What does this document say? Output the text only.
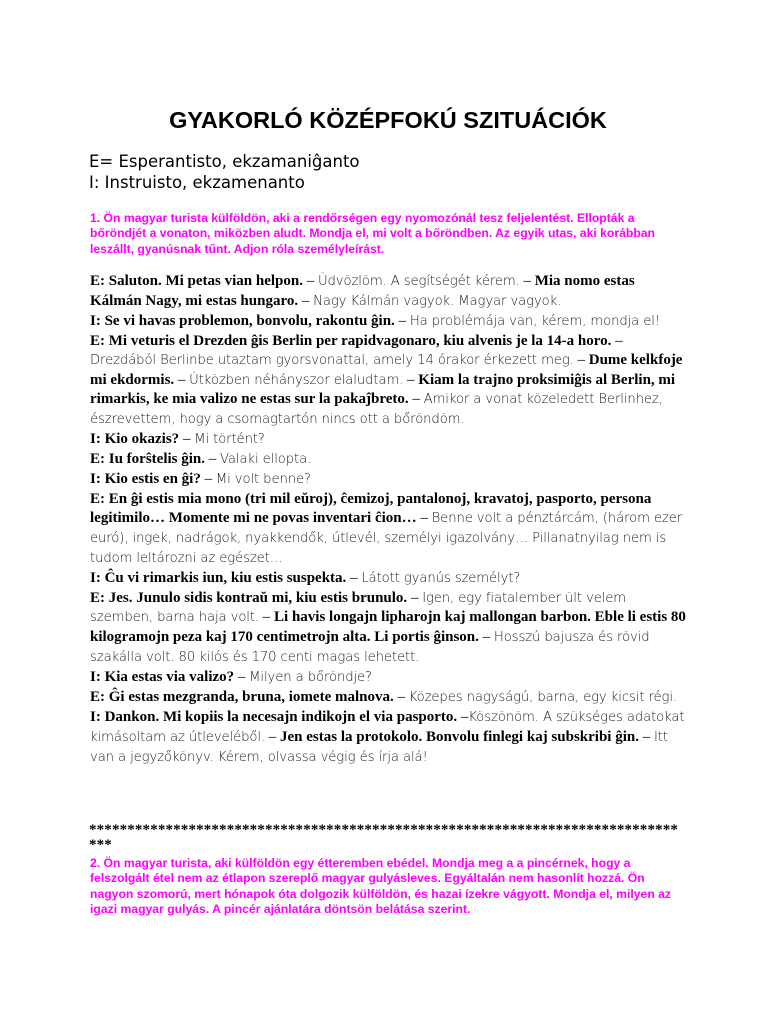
GYAKORLÓ KÖZÉPFOKÚ SZITUÁCIÓK
E= Esperantisto, ekzamaniĝanto
I: Instruisto, ekzamenanto

1. Ön magyar turista külföldön, aki a rendőrségen egy nyomozónál tesz feljelentést. Ellopták a bőröndjét a vonaton, miközben aludt. Mondja el, mi volt a bőröndben. Az egyik utas, aki korábban leszállt, gyanúsnak tűnt. Adjon róla személyleírást.

E: Saluton. Mi petas vian helpon. – Üdvözlöm. A segítségét kérem. – Mia nomo estas Kálmán Nagy, mi estas hungaro. – Nagy Kálmán vagyok. Magyar vagyok.

I: Se vi havas problemon, bonvolu, rakontu ĝin. – Ha problémája van, kérem, mondja el!

E: Mi veturis el Drezden ĝis Berlin per rapidvagonaro, kiu alvenis je la 14-a horo. – Drezdából Berlinbe utaztam gyorsvonattal, amely 14 órakor érkezett meg. – Dume kelkfoje mi ekdormis. – Útközben néhányszor elaludtam. – Kiam la trajno proksimiĝis al Berlin, mi rimarkis, ke mia valizo ne estas sur la pakaĵbreto. – Amikor a vonat közeledett Berlinhez, észrevettem, hogy a csomagtartón nincs ott a bőröndöm.

I: Kio okazis? – Mi történt?

E: Iu forŝtelis ĝin. – Valaki ellopta.

I: Kio estis en ĝi? – Mi volt benne?

E: En ĝi estis mia mono (tri mil eŭroj), ĉemizoj, pantalonoj, kravatoj, pasporto, persona legitimilo… Momente mi ne povas inventari ĉion… – Benne volt a pénztárcám, (három ezer euró), ingek, nadrágok, nyakkendők, útlevél, személyi igazolvány… Pillanatnyilag nem is tudom leltározni az egészet…

I: Ĉu vi rimarkis iun, kiu estis suspekta. – Látott gyanús személyt?

E: Jes. Junulo sidis kontraŭ mi, kiu estis brunulo. – Igen, egy fiatalember ült velem szemben, barna haja volt. – Li havis longajn lipharojn kaj mallongan barbon. Eble li estis 80 kilogramojn peza kaj 170 centimetrojn alta. Li portis ĝinson. – Hosszú bajusza és rövid szakálla volt. 80 kilós és 170 centi magas lehetett.

I: Kia estas via valizo? – Milyen a bőröndje?

E: Ĝi estas mezgranda, bruna, iomete malnova. – Közepes nagyságú, barna, egy kicsit régi.

I: Dankon. Mi kopiis la necesajn indikojn el via pasporto. –Köszönöm. A szükséges adatokat kimásoltam az útleveléből. – Jen estas la protokolo. Bonvolu finlegi kaj subskribi ĝin. – Itt van a jegyzőkönyv. Kérem, olvassa végig és írja alá!

********************************************************************************

2. Ön magyar turista, aki külföldön egy étteremben ebédel. Mondja meg a a pincérnek, hogy a felszolgált étel nem az étlapon szereplő magyar gulyásleves. Egyáltalán nem hasonlít hozzá. Ön nagyon szomorú, mert hónapok óta dolgozik külföldön, és hazai ízekre vágyott. Mondja el, milyen az igazi magyar gulyás. A pincér ajánlatára döntsön belátása szerint.
